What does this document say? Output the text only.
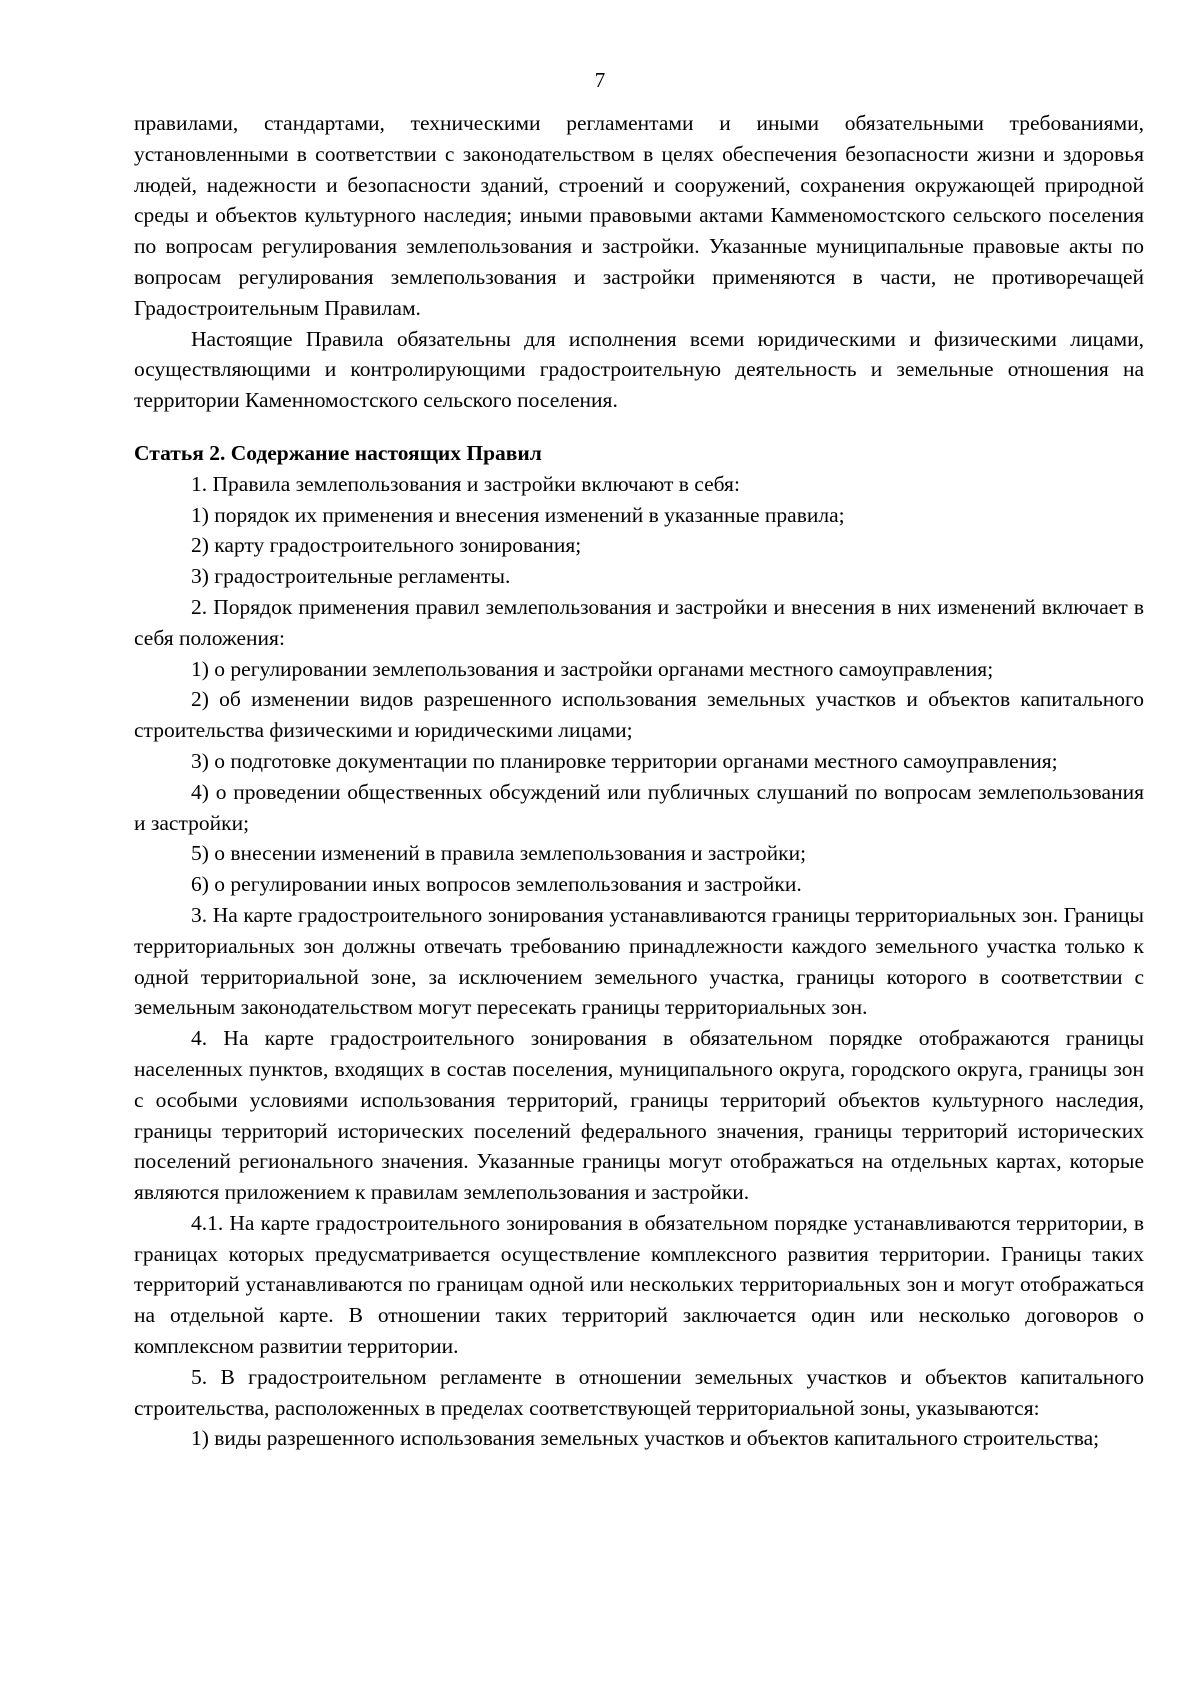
7

правилами, стандартами, техническими регламентами и иными обязательными требованиями, установленными в соответствии с законодательством в целях обеспечения безопасности жизни и здоровья людей, надежности и безопасности зданий, строений и сооружений, сохранения окружающей природной среды и объектов культурного наследия; иными правовыми актами Камменомостского сельского поселения по вопросам регулирования землепользования и застройки. Указанные муниципальные правовые акты по вопросам регулирования землепользования и застройки применяются в части, не противоречащей Градостроительным Правилам.

Настоящие Правила обязательны для исполнения всеми юридическими и физическими лицами, осуществляющими и контролирующими градостроительную деятельность и земельные отношения на территории Каменномостского сельского поселения.

Статья 2. Содержание настоящих Правил

1. Правила землепользования и застройки включают в себя:

1) порядок их применения и внесения изменений в указанные правила;

2) карту градостроительного зонирования;

3) градостроительные регламенты.

2. Порядок применения правил землепользования и застройки и внесения в них изменений включает в себя положения:

1) о регулировании землепользования и застройки органами местного самоуправления;

2) об изменении видов разрешенного использования земельных участков и объектов капитального строительства физическими и юридическими лицами;

3) о подготовке документации по планировке территории органами местного самоуправления;

4) о проведении общественных обсуждений или публичных слушаний по вопросам землепользования и застройки;

5) о внесении изменений в правила землепользования и застройки;

6) о регулировании иных вопросов землепользования и застройки.

3. На карте градостроительного зонирования устанавливаются границы территориальных зон. Границы территориальных зон должны отвечать требованию принадлежности каждого земельного участка только к одной территориальной зоне, за исключением земельного участка, границы которого в соответствии с земельным законодательством могут пересекать границы территориальных зон.

4. На карте градостроительного зонирования в обязательном порядке отображаются границы населенных пунктов, входящих в состав поселения, муниципального округа, городского округа, границы зон с особыми условиями использования территорий, границы территорий объектов культурного наследия, границы территорий исторических поселений федерального значения, границы территорий исторических поселений регионального значения. Указанные границы могут отображаться на отдельных картах, которые являются приложением к правилам землепользования и застройки.

4.1. На карте градостроительного зонирования в обязательном порядке устанавливаются территории, в границах которых предусматривается осуществление комплексного развития территории. Границы таких территорий устанавливаются по границам одной или нескольких территориальных зон и могут отображаться на отдельной карте. В отношении таких территорий заключается один или несколько договоров о комплексном развитии территории.

5. В градостроительном регламенте в отношении земельных участков и объектов капитального строительства, расположенных в пределах соответствующей территориальной зоны, указываются:

1) виды разрешенного использования земельных участков и объектов капитального строительства;
